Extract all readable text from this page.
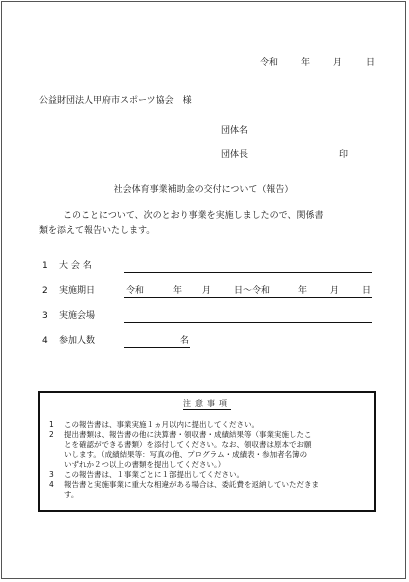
令和	年	月	日
公益財団法人甲府市スポーツ協会　様
団体名
団体長	印
社会体育事業補助金の交付について（報告）
このことについて、次のとおり事業を実施しましたので、関係書
類を添えて報告いたします。
1 大 会 名
2 実施期日	令和	年 月	日 〜令和	年	月	日
3 実施会場
4 参加人数	名
注意事項
1 この報告書は、事業実施１ヵ月以内に提出してください。
2 提出書類は、報告書の他に決算書・領収書・成績結果等（事業実施したこ
とを確認ができる書類）を添付してください。なお、領収書は原本でお願
いします。（成績結果等：写真の他、プログラム・成績表・参加者名簿の
いずれか２つ以上の書類を提出してください。）
3 この報告書は、１事業ごとに１部提出してください。
4 報告書と実施事業に重大な相違がある場合は、委託費を返納していただきま
す。
